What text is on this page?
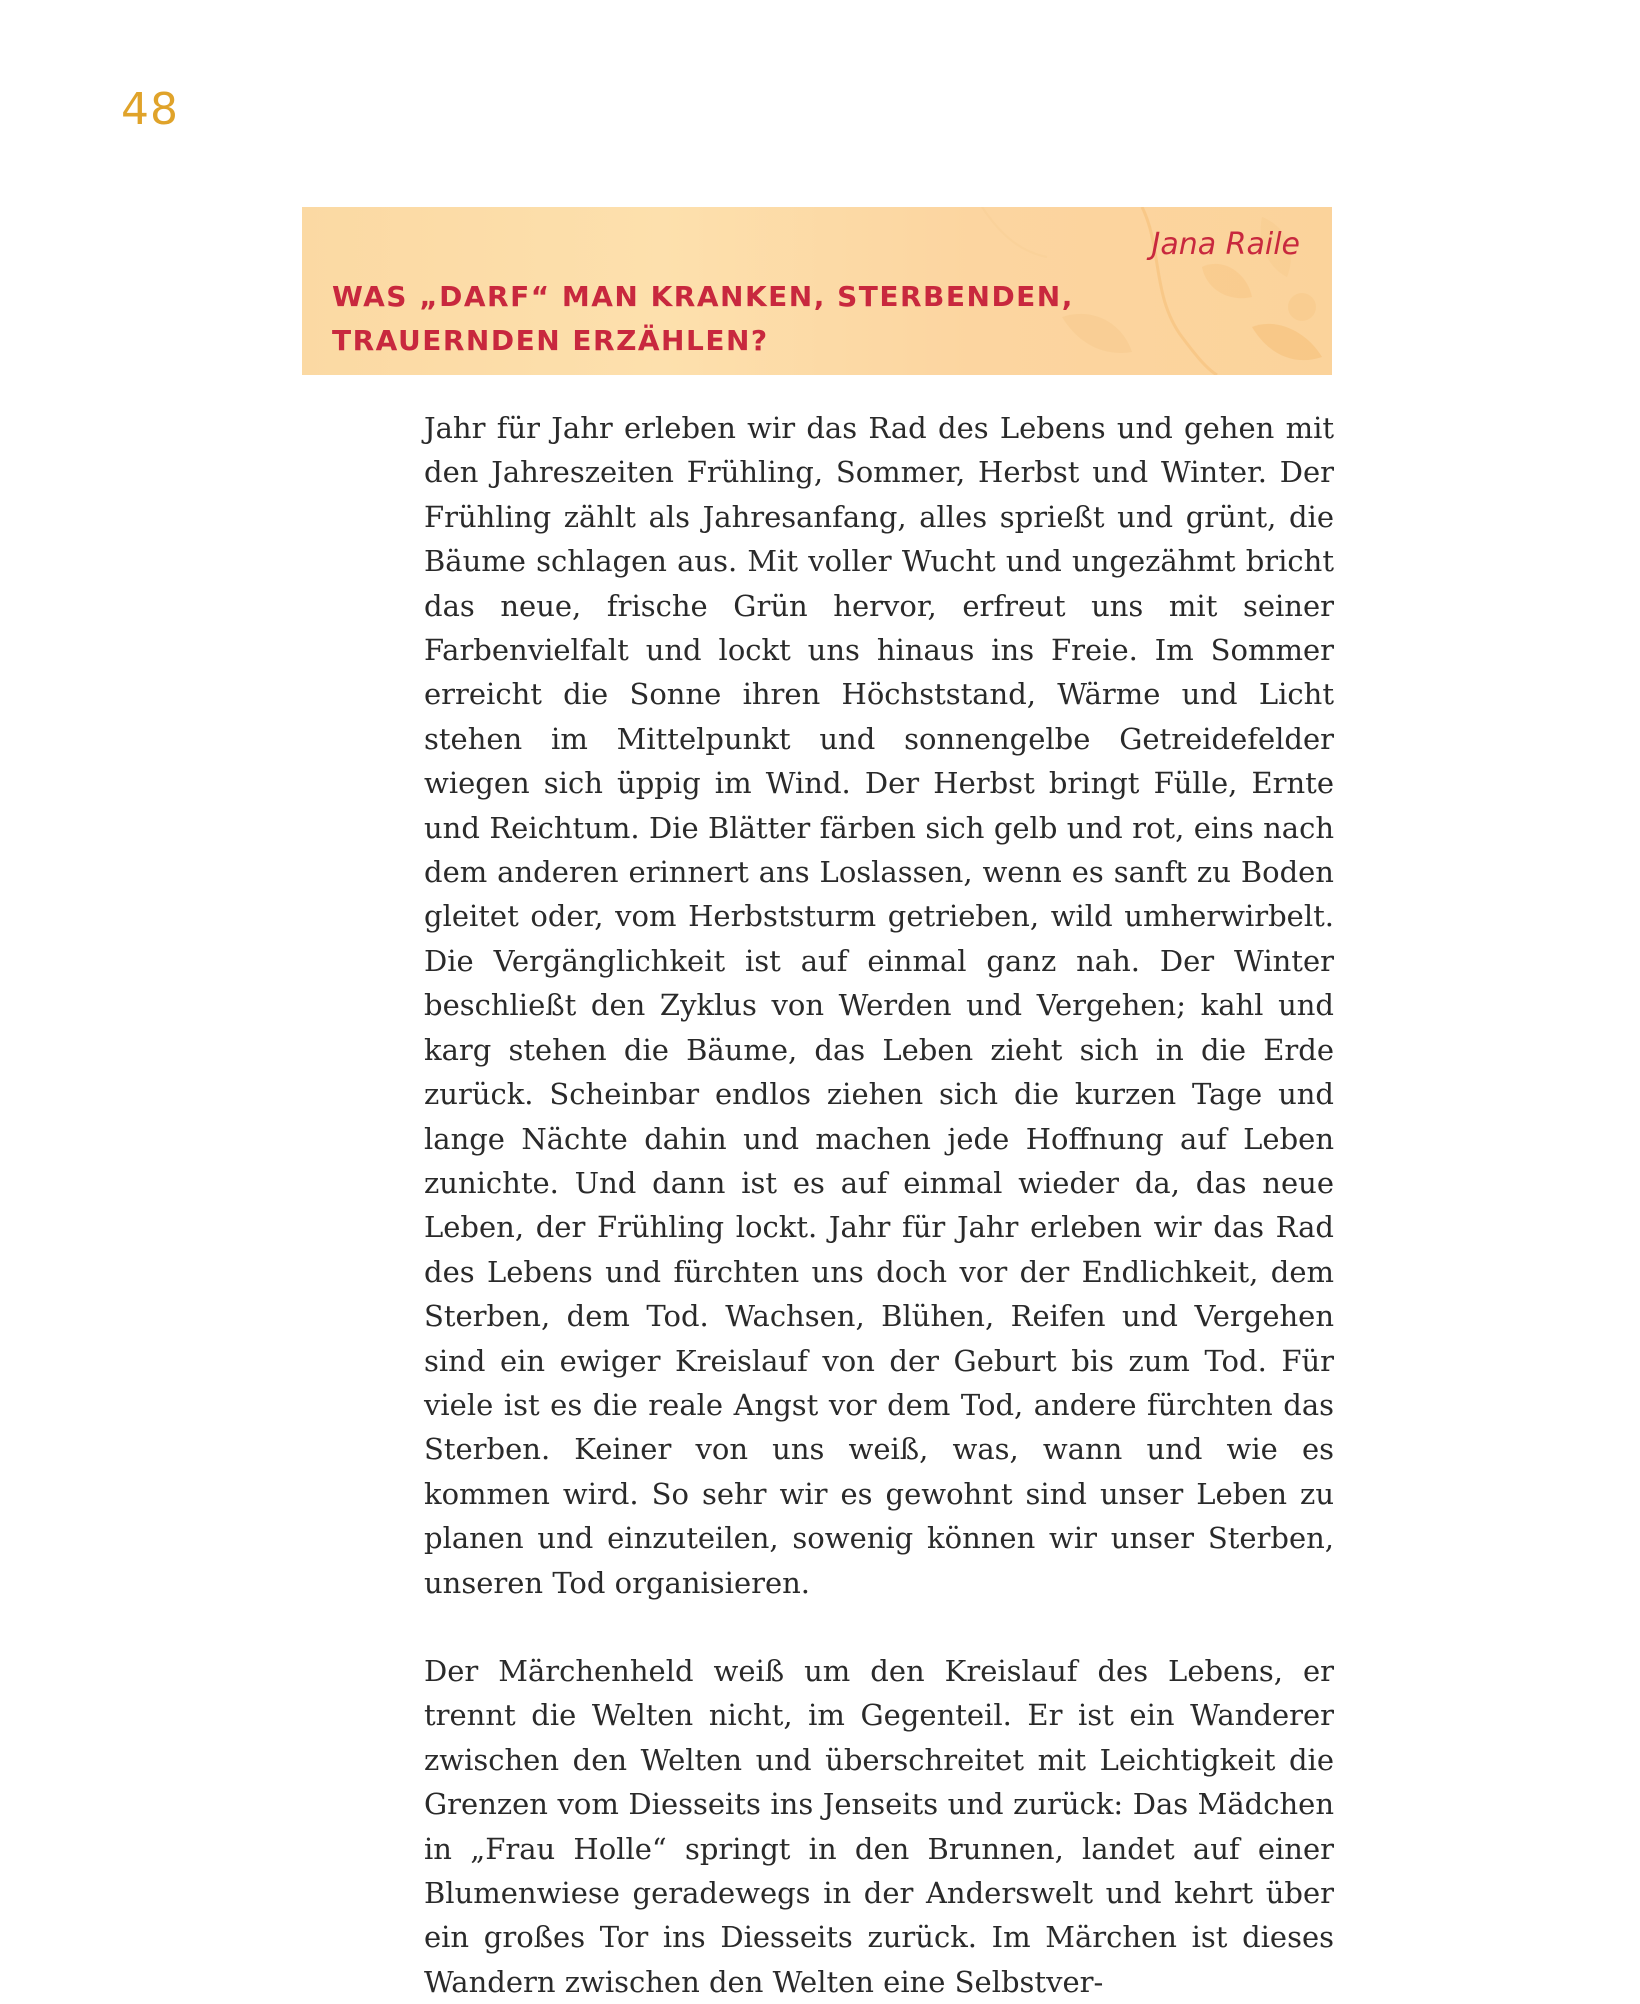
48
Jana Raile
WAS „DARF“ MAN KRANKEN, STERBENDEN,
TRAUERNDEN ERZÄHLEN?

Jahr für Jahr erleben wir das Rad des Lebens und gehen mit den Jahreszeiten Frühling, Sommer, Herbst und Winter. Der Frühling zählt als Jahresanfang, alles sprießt und grünt, die Bäume schlagen aus. Mit voller Wucht und ungezähmt bricht das neue, frische Grün hervor, erfreut uns mit seiner Farbenvielfalt und lockt uns hinaus ins Freie. Im Sommer erreicht die Sonne ihren Höchststand, Wärme und Licht stehen im Mittelpunkt und sonnengelbe Getreidefelder wiegen sich üppig im Wind. Der Herbst bringt Fülle, Ernte und Reichtum. Die Blätter färben sich gelb und rot, eins nach dem anderen erinnert ans Loslassen, wenn es sanft zu Boden gleitet oder, vom Herbststurm getrieben, wild umherwirbelt. Die Vergänglichkeit ist auf einmal ganz nah. Der Winter beschließt den Zyklus von Werden und Vergehen; kahl und karg stehen die Bäume, das Leben zieht sich in die Erde zurück. Scheinbar endlos ziehen sich die kurzen Tage und lange Nächte dahin und machen jede Hoffnung auf Leben zunichte. Und dann ist es auf einmal wieder da, das neue Leben, der Frühling lockt. Jahr für Jahr erleben wir das Rad des Lebens und fürchten uns doch vor der Endlichkeit, dem Sterben, dem Tod. Wachsen, Blühen, Reifen und Vergehen sind ein ewiger Kreislauf von der Geburt bis zum Tod. Für viele ist es die reale Angst vor dem Tod, andere fürchten das Sterben. Keiner von uns weiß, was, wann und wie es kommen wird. So sehr wir es gewohnt sind unser Leben zu planen und einzuteilen, sowenig können wir unser Sterben, unseren Tod organisieren.

Der Märchenheld weiß um den Kreislauf des Lebens, er trennt die Welten nicht, im Gegenteil. Er ist ein Wanderer zwischen den Welten und überschreitet mit Leichtigkeit die Grenzen vom Diesseits ins Jenseits und zurück: Das Mädchen in „Frau Holle“ springt in den Brunnen, landet auf einer Blumenwiese geradewegs in der Anderswelt und kehrt über ein großes Tor ins Diesseits zurück. Im Märchen ist dieses Wandern zwischen den Welten eine Selbstver-
